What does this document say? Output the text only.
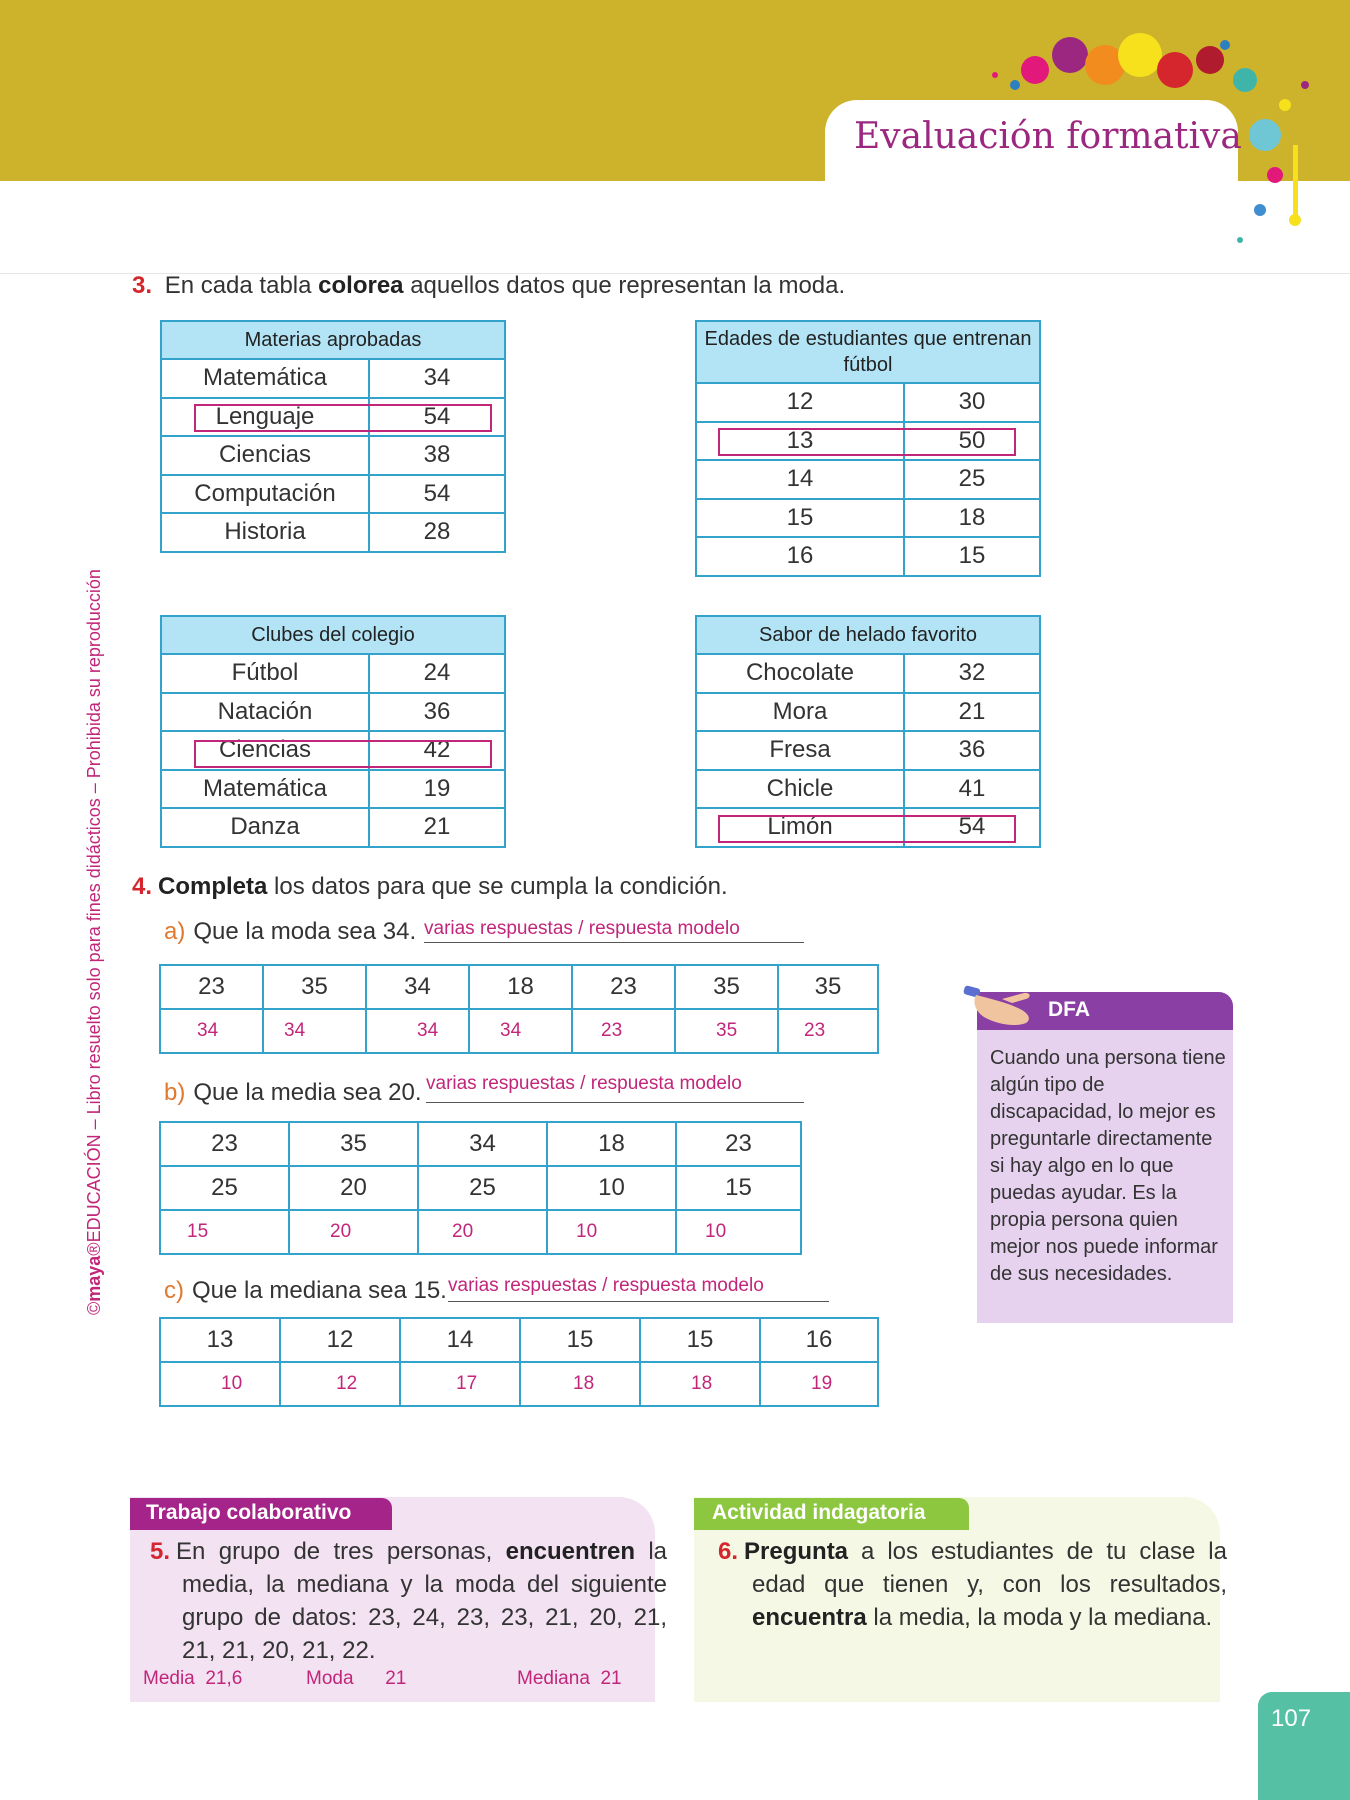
Evaluación formativa
©maya®EDUCACIÓN – Libro resuelto solo para fines didácticos – Prohibida su reproducción
3. En cada tabla colorea aquellos datos que representan la moda.
Materias aprobadas	
Matemática	34
Lenguaje	54
Ciencias	38
Computación	54
Historia	28
Edades de estudiantes que entrenan fútbol	
12	30
13	50
14	25
15	18
16	15
Clubes del colegio	
Fútbol	24
Natación	36
Ciencias	42
Matemática	19
Danza	21
Sabor de helado favorito	
Chocolate	32
Mora	21
Fresa	36
Chicle	41
Limón	54
4. Completa los datos para que se cumpla la condición.
a) Que la moda sea 34. varias respuestas / respuesta modelo
23	35	34	18	23	35	35
34	34	34	34	23	35	23
b) Que la media sea 20. varias respuestas / respuesta modelo
23	35	34	18	23
25	20	25	10	15
15	20	20	10	10
c) Que la mediana sea 15. varias respuestas / respuesta modelo
13	12	14	15	15	16
10	12	17	18	18	19
DFA
Cuando una persona tiene algún tipo de discapacidad, lo mejor es preguntarle directamente si hay algo en lo que puedas ayudar. Es la propia persona quien mejor nos puede informar de sus necesidades.
Trabajo colaborativo
5. En grupo de tres personas, encuentren la media, la mediana y la moda del siguiente grupo de datos: 23, 24, 23, 23, 21, 20, 21, 21, 21, 20, 21, 22.
Media 21,6	Moda 21	Mediana 21
Actividad indagatoria
6. Pregunta a los estudiantes de tu clase la edad que tienen y, con los resultados, encuentra la media, la moda y la mediana.
107
